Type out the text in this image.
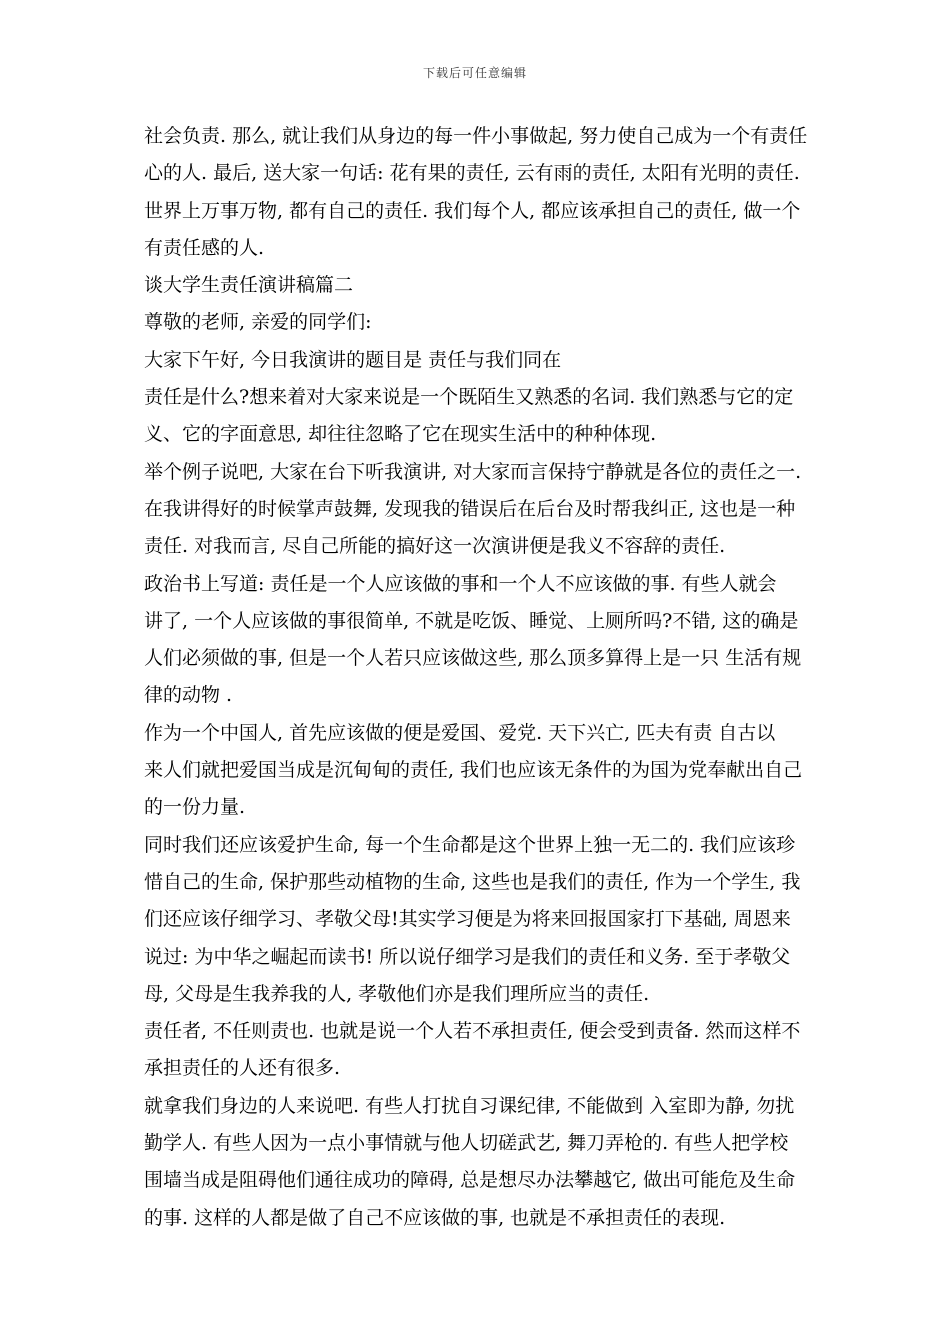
下载后可任意编辑
社会负责. 那么, 就让我们从身边的每一件小事做起, 努力使自己成为一个有责任
心的人. 最后, 送大家一句话: 花有果的责任, 云有雨的责任, 太阳有光明的责任.
世界上万事万物, 都有自己的责任. 我们每个人, 都应该承担自己的责任, 做一个
有责任感的人.
谈大学生责任演讲稿篇二
尊敬的老师, 亲爱的同学们:
大家下午好, 今日我演讲的题目是 责任与我们同在
责任是什么?想来着对大家来说是一个既陌生又熟悉的名词. 我们熟悉与它的定
义、它的字面意思, 却往往忽略了它在现实生活中的种种体现.
举个例子说吧, 大家在台下听我演讲, 对大家而言保持宁静就是各位的责任之一.
在我讲得好的时候掌声鼓舞, 发现我的错误后在后台及时帮我纠正, 这也是一种
责任. 对我而言, 尽自己所能的搞好这一次演讲便是我义不容辞的责任.
政治书上写道: 责任是一个人应该做的事和一个人不应该做的事. 有些人就会
讲了, 一个人应该做的事很简单, 不就是吃饭、睡觉、上厕所吗?不错, 这的确是
人们必须做的事, 但是一个人若只应该做这些, 那么顶多算得上是一只 生活有规
律的动物 .
作为一个中国人, 首先应该做的便是爱国、爱党. 天下兴亡, 匹夫有责 自古以
来人们就把爱国当成是沉甸甸的责任, 我们也应该无条件的为国为党奉献出自己
的一份力量.
同时我们还应该爱护生命, 每一个生命都是这个世界上独一无二的. 我们应该珍
惜自己的生命, 保护那些动植物的生命, 这些也是我们的责任, 作为一个学生, 我
们还应该仔细学习、孝敬父母!其实学习便是为将来回报国家打下基础, 周恩来
说过: 为中华之崛起而读书! 所以说仔细学习是我们的责任和义务. 至于孝敬父
母, 父母是生我养我的人, 孝敬他们亦是我们理所应当的责任.
责任者, 不任则责也. 也就是说一个人若不承担责任, 便会受到责备. 然而这样不
承担责任的人还有很多.
就拿我们身边的人来说吧. 有些人打扰自习课纪律, 不能做到 入室即为静, 勿扰
勤学人. 有些人因为一点小事情就与他人切磋武艺, 舞刀弄枪的. 有些人把学校
围墙当成是阻碍他们通往成功的障碍, 总是想尽办法攀越它, 做出可能危及生命
的事. 这样的人都是做了自己不应该做的事, 也就是不承担责任的表现.
